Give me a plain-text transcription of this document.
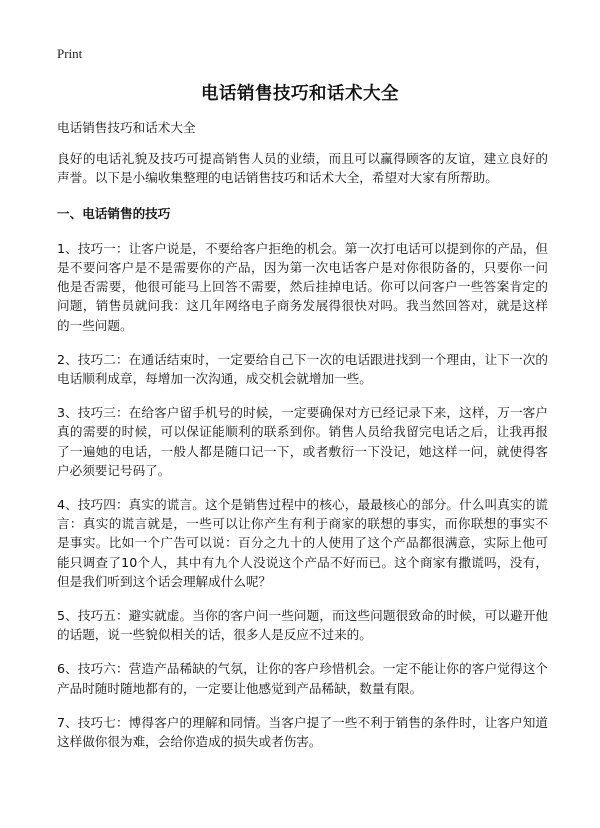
Print
电话销售技巧和话术大全
电话销售技巧和话术大全
良好的电话礼貌及技巧可提高销售人员的业绩，而且可以赢得顾客的友谊，建立良好的声誉。以下是小编收集整理的电话销售技巧和话术大全，希望对大家有所帮助。
一、电话销售的技巧
1、技巧一：让客户说是，不要给客户拒绝的机会。第一次打电话可以提到你的产品，但是不要问客户是不是需要你的产品，因为第一次电话客户是对你很防备的，只要你一问他是否需要，他很可能马上回答不需要，然后挂掉电话。你可以问客户一些答案肯定的问题，销售员就问我：这几年网络电子商务发展得很快对吗。我当然回答对，就是这样的一些问题。
2、技巧二：在通话结束时，一定要给自己下一次的电话跟进找到一个理由，让下一次的电话顺利成章，每增加一次沟通，成交机会就增加一些。
3、技巧三：在给客户留手机号的时候，一定要确保对方已经记录下来，这样，万一客户真的需要的时候，可以保证能顺利的联系到你。销售人员给我留完电话之后，让我再报了一遍她的电话，一般人都是随口记一下，或者敷衍一下没记，她这样一问，就使得客户必须要记号码了。
4、技巧四：真实的谎言。这个是销售过程中的核心，最最核心的部分。什么叫真实的谎言：真实的谎言就是，一些可以让你产生有利于商家的联想的事实，而你联想的事实不是事实。比如一个广告可以说：百分之九十的人使用了这个产品都很满意，实际上他可能只调查了10个人，其中有九个人没说这个产品不好而已。这个商家有撒谎吗，没有，但是我们听到这个话会理解成什么呢？
5、技巧五：避实就虚。当你的客户问一些问题，而这些问题很致命的时候，可以避开他的话题，说一些貌似相关的话，很多人是反应不过来的。
6、技巧六：营造产品稀缺的气氛，让你的客户珍惜机会。一定不能让你的客户觉得这个产品时随时随地都有的，一定要让他感觉到产品稀缺，数量有限。
7、技巧七：博得客户的理解和同情。当客户提了一些不利于销售的条件时，让客户知道这样做你很为难，会给你造成的损失或者伤害。
